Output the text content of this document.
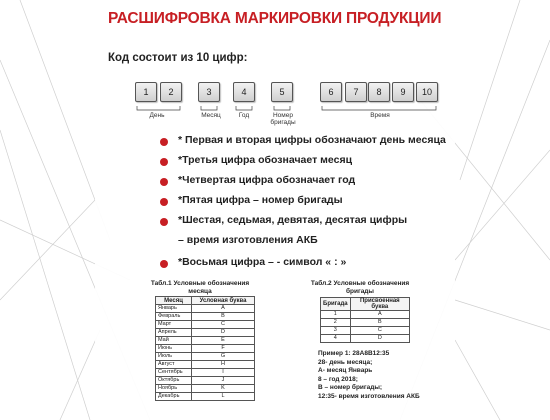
РАСШИФРОВКА МАРКИРОВКИ ПРОДУКЦИИ
Код состоит из 10 цифр:
1	2	3	4	5	6	7	8	9	10
День	Месяц	Год	Номер
бригады
Время
* Первая и вторая цифры обозначают день месяца
*Третья цифра обозначает месяц
*Четвертая цифра обозначает год
*Пятая цифра – номер бригады
*Шестая, седьмая, девятая, десятая цифры
– время изготовления АКБ
*Восьмая цифра – - символ « : »
Табл.1 Условные обозначения месяца
Месяц	Условная буква
Январь	A
Февраль	B
Март	C
Апрель	D
Май	E
Июнь	F
Июль	G
Август	H
Сентябрь	I
Октябрь	J
Ноябрь	K
Декабрь	L
Табл.2 Условные обозначения бригады
Бригада	Присвоенная буква
1	A
2	B
3	C
4	D
Пример 1: 28A8B12:35
28- день месяца;
A- месяц Январь
8 – год 2018;
B – номер бригады;
12:35- время изготовления АКБ
